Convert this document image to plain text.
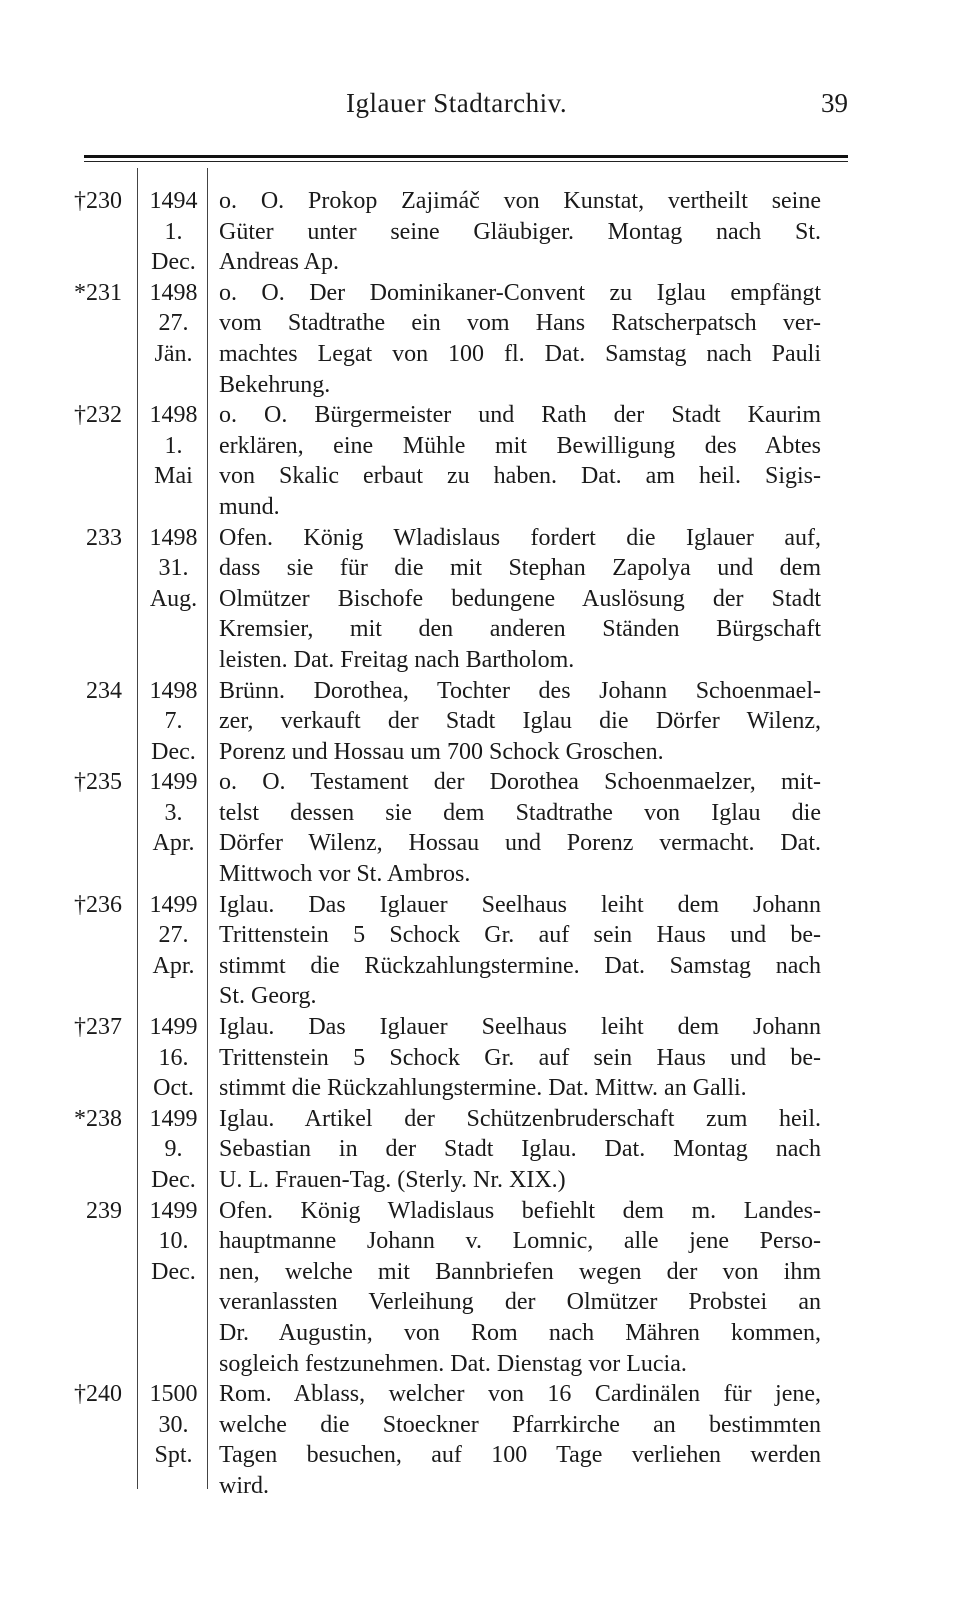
Iglauer Stadtarchiv.	39
†230 1494
1.
Dec.
o. O. Prokop Zajimáč von Kunstat, vertheilt seine
Güter unter seine Gläubiger. Montag nach St.
Andreas Ap.
*231 1498
27.
Jän.
o. O. Der Dominikaner-Convent zu Iglau empfängt
vom Stadtrathe ein vom Hans Ratscherpatsch ver-
machtes Legat von 100 fl. Dat. Samstag nach Pauli
Bekehrung.
†232 1498
1.
Mai
o. O. Bürgermeister und Rath der Stadt Kaurim
erklären, eine Mühle mit Bewilligung des Abtes
von Skalic erbaut zu haben. Dat. am heil. Sigis-
mund.
233 1498
31.
Aug.
Ofen. König Wladislaus fordert die Iglauer auf,
dass sie für die mit Stephan Zapolya und dem
Olmützer Bischofe bedungene Auslösung der Stadt
Kremsier, mit den anderen Ständen Bürgschaft
leisten. Dat. Freitag nach Bartholom.
234 1498
7.
Dec.
Brünn. Dorothea, Tochter des Johann Schoenmael-
zer, verkauft der Stadt Iglau die Dörfer Wilenz,
Porenz und Hossau um 700 Schock Groschen.
†235 1499
3.
Apr.
o. O. Testament der Dorothea Schoenmaelzer, mit-
telst dessen sie dem Stadtrathe von Iglau die
Dörfer Wilenz, Hossau und Porenz vermacht. Dat.
Mittwoch vor St. Ambros.
†236 1499
27.
Apr.
Iglau. Das Iglauer Seelhaus leiht dem Johann
Trittenstein 5 Schock Gr. auf sein Haus und be-
stimmt die Rückzahlungstermine. Dat. Samstag nach
St. Georg.
†237 1499
16.
Oct.
Iglau. Das Iglauer Seelhaus leiht dem Johann
Trittenstein 5 Schock Gr. auf sein Haus und be-
stimmt die Rückzahlungstermine. Dat. Mittw. an Galli.
*238 1499
9.
Dec.
Iglau. Artikel der Schützenbruderschaft zum heil.
Sebastian in der Stadt Iglau. Dat. Montag nach
U. L. Frauen-Tag. (Sterly. Nr. XIX.)
239 1499
10.
Dec.
Ofen. König Wladislaus befiehlt dem m. Landes-
hauptmanne Johann v. Lomnic, alle jene Perso-
nen, welche mit Bannbriefen wegen der von ihm
veranlassten Verleihung der Olmützer Probstei an
Dr. Augustin, von Rom nach Mähren kommen,
sogleich festzunehmen. Dat. Dienstag vor Lucia.
†240 1500
30.
Spt.
Rom. Ablass, welcher von 16 Cardinälen für jene,
welche die Stoeckner Pfarrkirche an bestimmten
Tagen besuchen, auf 100 Tage verliehen werden
wird.
